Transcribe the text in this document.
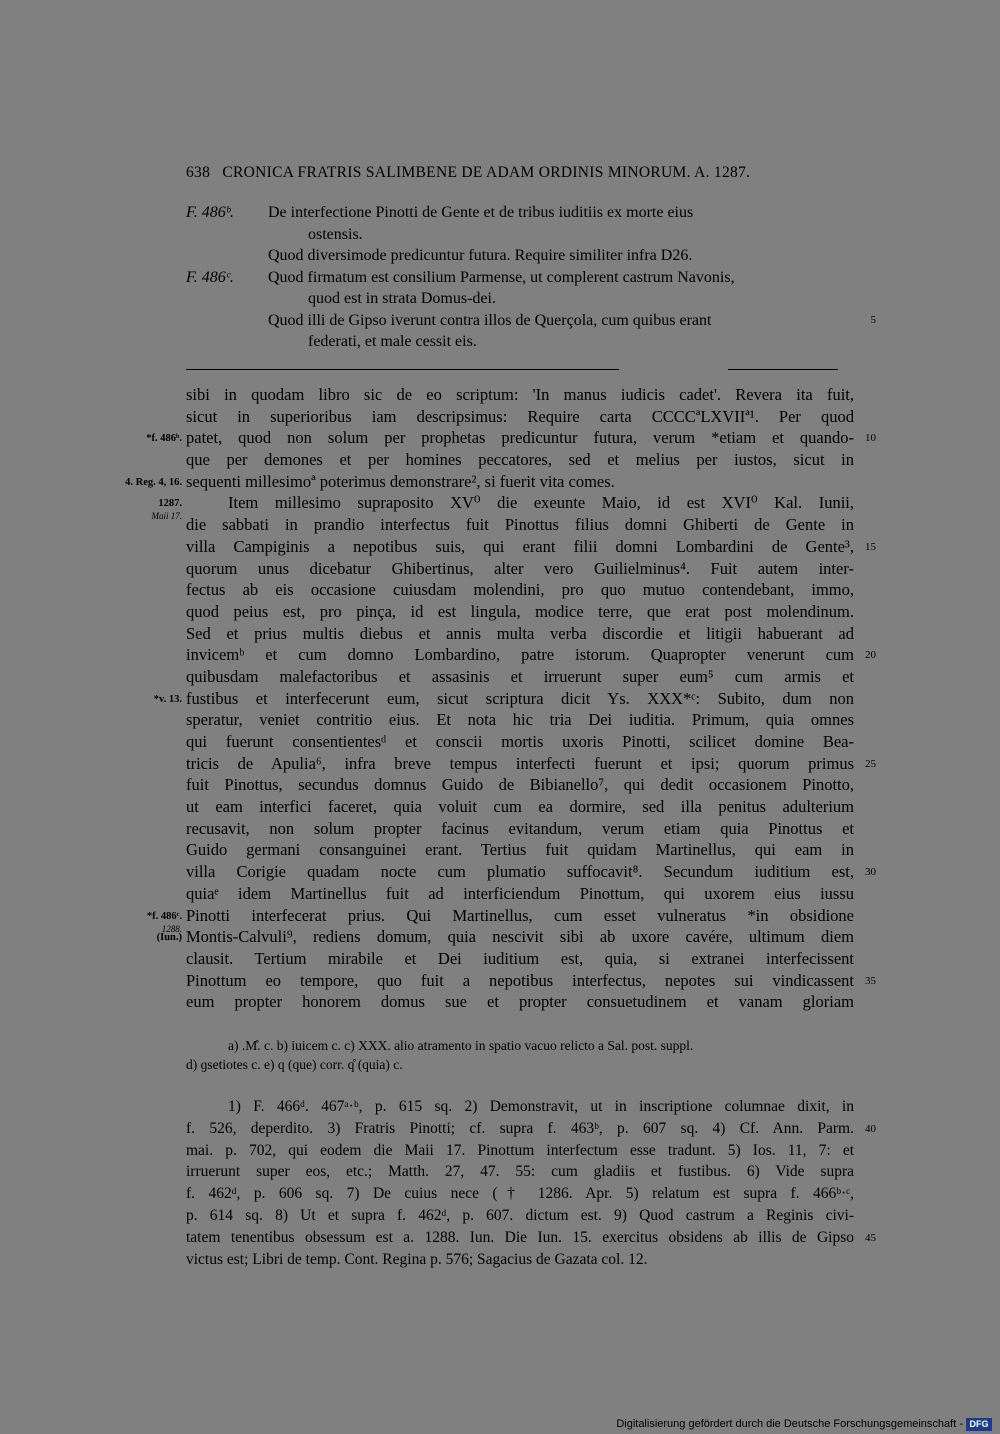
638 CRONICA FRATRIS SALIMBENE DE ADAM ORDINIS MINORUM. A. 1287.
F. 486ᵇ.	De interfectione Pinotti de Gente et de tribus iuditiis ex morte eius
ostensis.
Quod diversimode predicuntur futura. Require similiter infra D26.
F. 486ᶜ.	Quod firmatum est consilium Parmense, ut complerent castrum Navonis,
quod est in strata Domus-dei.
5
Quod illi de Gipso iverunt contra illos de Querçola, cum quibus erant
federati, et male cessit eis.
sibi in quodam libro sic de eo scriptum: 'In manus iudicis cadet'. Revera ita fuit,
sicut in superioribus iam descripsimus: Require carta CCCCªLXVIIª¹. Per quod
*f. 486ᵇ. patet, quod non solum per prophetas predicuntur futura, verum *etiam et quando- 10
que per demones et per homines peccatores, sed et melius per iustos, sicut in
4. Reg. 4, 16. sequenti millesimoª poterimus demonstrare², si fuerit vita comes.
1287.
Maii 17.
Item millesimo supraposito XV⁰ die exeunte Maio, id est XVI⁰ Kal. Iunii,
die sabbati in prandio interfectus fuit Pinottus filius domni Ghiberti de Gente in
villa Campiginis a nepotibus suis, qui erant filii domni Lombardini de Gente³, 15
quorum unus dicebatur Ghibertinus, alter vero Guilielminus⁴. Fuit autem inter-
fectus ab eis occasione cuiusdam molendini, pro quo mutuo contendebant, immo,
quod peius est, pro pinça, id est lingula, modice terre, que erat post molendinum.
Sed et prius multis diebus et annis multa verba discordie et litigii habuerant ad
invicemᵇ et cum domno Lombardino, patre istorum. Quapropter venerunt cum 20
quibusdam malefactoribus et assasinis et irruerunt super eum⁵ cum armis et
*v. 13. fustibus et interfecerunt eum, sicut scriptura dicit Ys. XXX*ᶜ: Subito, dum non
speratur, veniet contritio eius. Et nota hic tria Dei iuditia. Primum, quia omnes
qui fuerunt consentientesᵈ et conscii mortis uxoris Pinotti, scilicet domine Bea-
tricis de Apulia⁶, infra breve tempus interfecti fuerunt et ipsi; quorum primus 25
fuit Pinottus, secundus domnus Guido de Bibianello⁷, qui dedit occasionem Pinotto,
ut eam interfici faceret, quia voluit cum ea dormire, sed illa penitus adulterium
recusavit, non solum propter facinus evitandum, verum etiam quia Pinottus et
Guido germani consanguinei erant. Tertius fuit quidam Martinellus, qui eam in
villa Corigie quadam nocte cum plumatio suffocavit⁸. Secundum iuditium est, 30
quiaᵉ idem Martinellus fuit ad interficiendum Pinottum, qui uxorem eius iussu
*f. 486ᶜ.
1288.
Pinotti interfecerat prius. Qui Martinellus, cum esset vulneratus *in obsidione
(Iun.) Montis-Calvuli⁹, rediens domum, quia nescivit sibi ab uxore cavére, ultimum diem
clausit. Tertium mirabile et Dei iuditium est, quia, si extranei interfecissent
Pinottum eo tempore, quo fuit a nepotibus interfectus, nepotes sui vindicassent 35
eum propter honorem domus sue et propter consuetudinem et vanam gloriam
a) .M̊. c. b) iuicem c. c) XXX. alio atramento in spatio vacuo relicto a Sal. post. suppl.
d) ɡsetiotes c. e) q (que) corr. q̊ (quia) c.
1) F. 466ᵈ. 467ᵃ·ᵇ, p. 615 sq. 2) Demonstravit, ut in inscriptione columnae dixit, in
f. 526, deperdito. 3) Fratris Pinotti; cf. supra f. 463ᵇ, p. 607 sq. 4) Cf. Ann. Parm. 40
mai. p. 702, qui eodem die Maii 17. Pinottum interfectum esse tradunt. 5) Ios. 11, 7: et
irruerunt super eos, etc.; Matth. 27, 47. 55: cum gladiis et fustibus. 6) Vide supra
f. 462ᵈ, p. 606 sq. 7) De cuius nece († 1286. Apr. 5) relatum est supra f. 466ᵇ·ᶜ,
p. 614 sq. 8) Ut et supra f. 462ᵈ, p. 607. dictum est. 9) Quod castrum a Reginis civi-
tatem tenentibus obsessum est a. 1288. Iun. Die Iun. 15. exercitus obsidens ab illis de Gipso 45
victus est; Libri de temp. Cont. Regina p. 576; Sagacius de Gazata col. 12.
Digitalisierung gefördert durch die Deutsche Forschungsgemeinschaft - DFG
